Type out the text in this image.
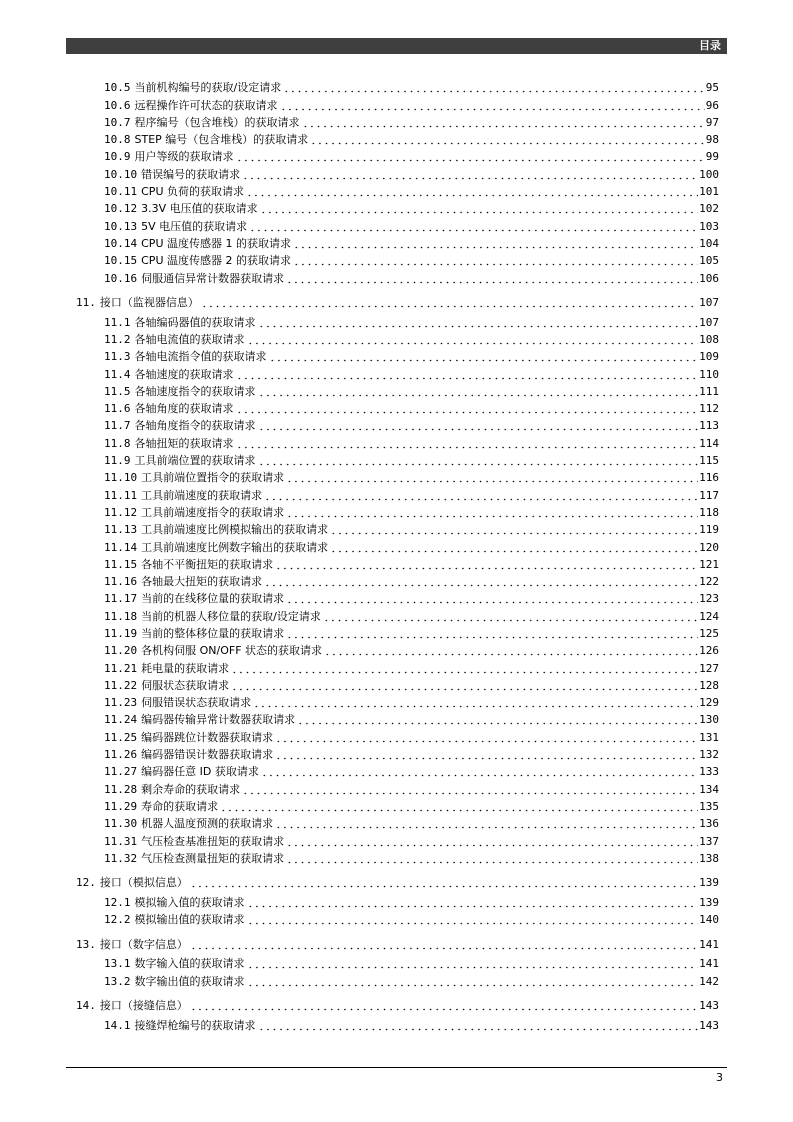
目录
10.5 当前机构编号的获取/设定请求	95
10.6 远程操作许可状态的获取请求	96
10.7 程序编号（包含堆栈）的获取请求	97
10.8 STEP 编号（包含堆栈）的获取请求	98
10.9 用户等级的获取请求	99
10.10 错误编号的获取请求	100
10.11 CPU 负荷的获取请求	101
10.12 3.3V 电压值的获取请求	102
10.13 5V 电压值的获取请求	103
10.14 CPU 温度传感器 1 的获取请求	104
10.15 CPU 温度传感器 2 的获取请求	105
10.16 伺服通信异常计数器获取请求	106
11. 接口（监视器信息）	107
11.1 各轴编码器值的获取请求	107
11.2 各轴电流值的获取请求	108
11.3 各轴电流指令值的获取请求	109
11.4 各轴速度的获取请求	110
11.5 各轴速度指令的获取请求	111
11.6 各轴角度的获取请求	112
11.7 各轴角度指令的获取请求	113
11.8 各轴扭矩的获取请求	114
11.9 工具前端位置的获取请求	115
11.10 工具前端位置指令的获取请求	116
11.11 工具前端速度的获取请求	117
11.12 工具前端速度指令的获取请求	118
11.13 工具前端速度比例模拟输出的获取请求	119
11.14 工具前端速度比例数字输出的获取请求	120
11.15 各轴不平衡扭矩的获取请求	121
11.16 各轴最大扭矩的获取请求	122
11.17 当前的在线移位量的获取请求	123
11.18 当前的机器人移位量的获取/设定请求	124
11.19 当前的整体移位量的获取请求	125
11.20 各机构伺服 ON/OFF 状态的获取请求	126
11.21 耗电量的获取请求	127
11.22 伺服状态获取请求	128
11.23 伺服错误状态获取请求	129
11.24 编码器传输异常计数器获取请求	130
11.25 编码器跳位计数器获取请求	131
11.26 编码器错误计数器获取请求	132
11.27 编码器任意 ID 获取请求	133
11.28 剩余寿命的获取请求	134
11.29 寿命的获取请求	135
11.30 机器人温度预测的获取请求	136
11.31 气压检查基准扭矩的获取请求	137
11.32 气压检查测量扭矩的获取请求	138
12. 接口（模拟信息）	139
12.1 模拟输入值的获取请求	139
12.2 模拟输出值的获取请求	140
13. 接口（数字信息）	141
13.1 数字输入值的获取请求	141
13.2 数字输出值的获取请求	142
14. 接口（接缝信息）	143
14.1 接缝焊枪编号的获取请求	143
3
